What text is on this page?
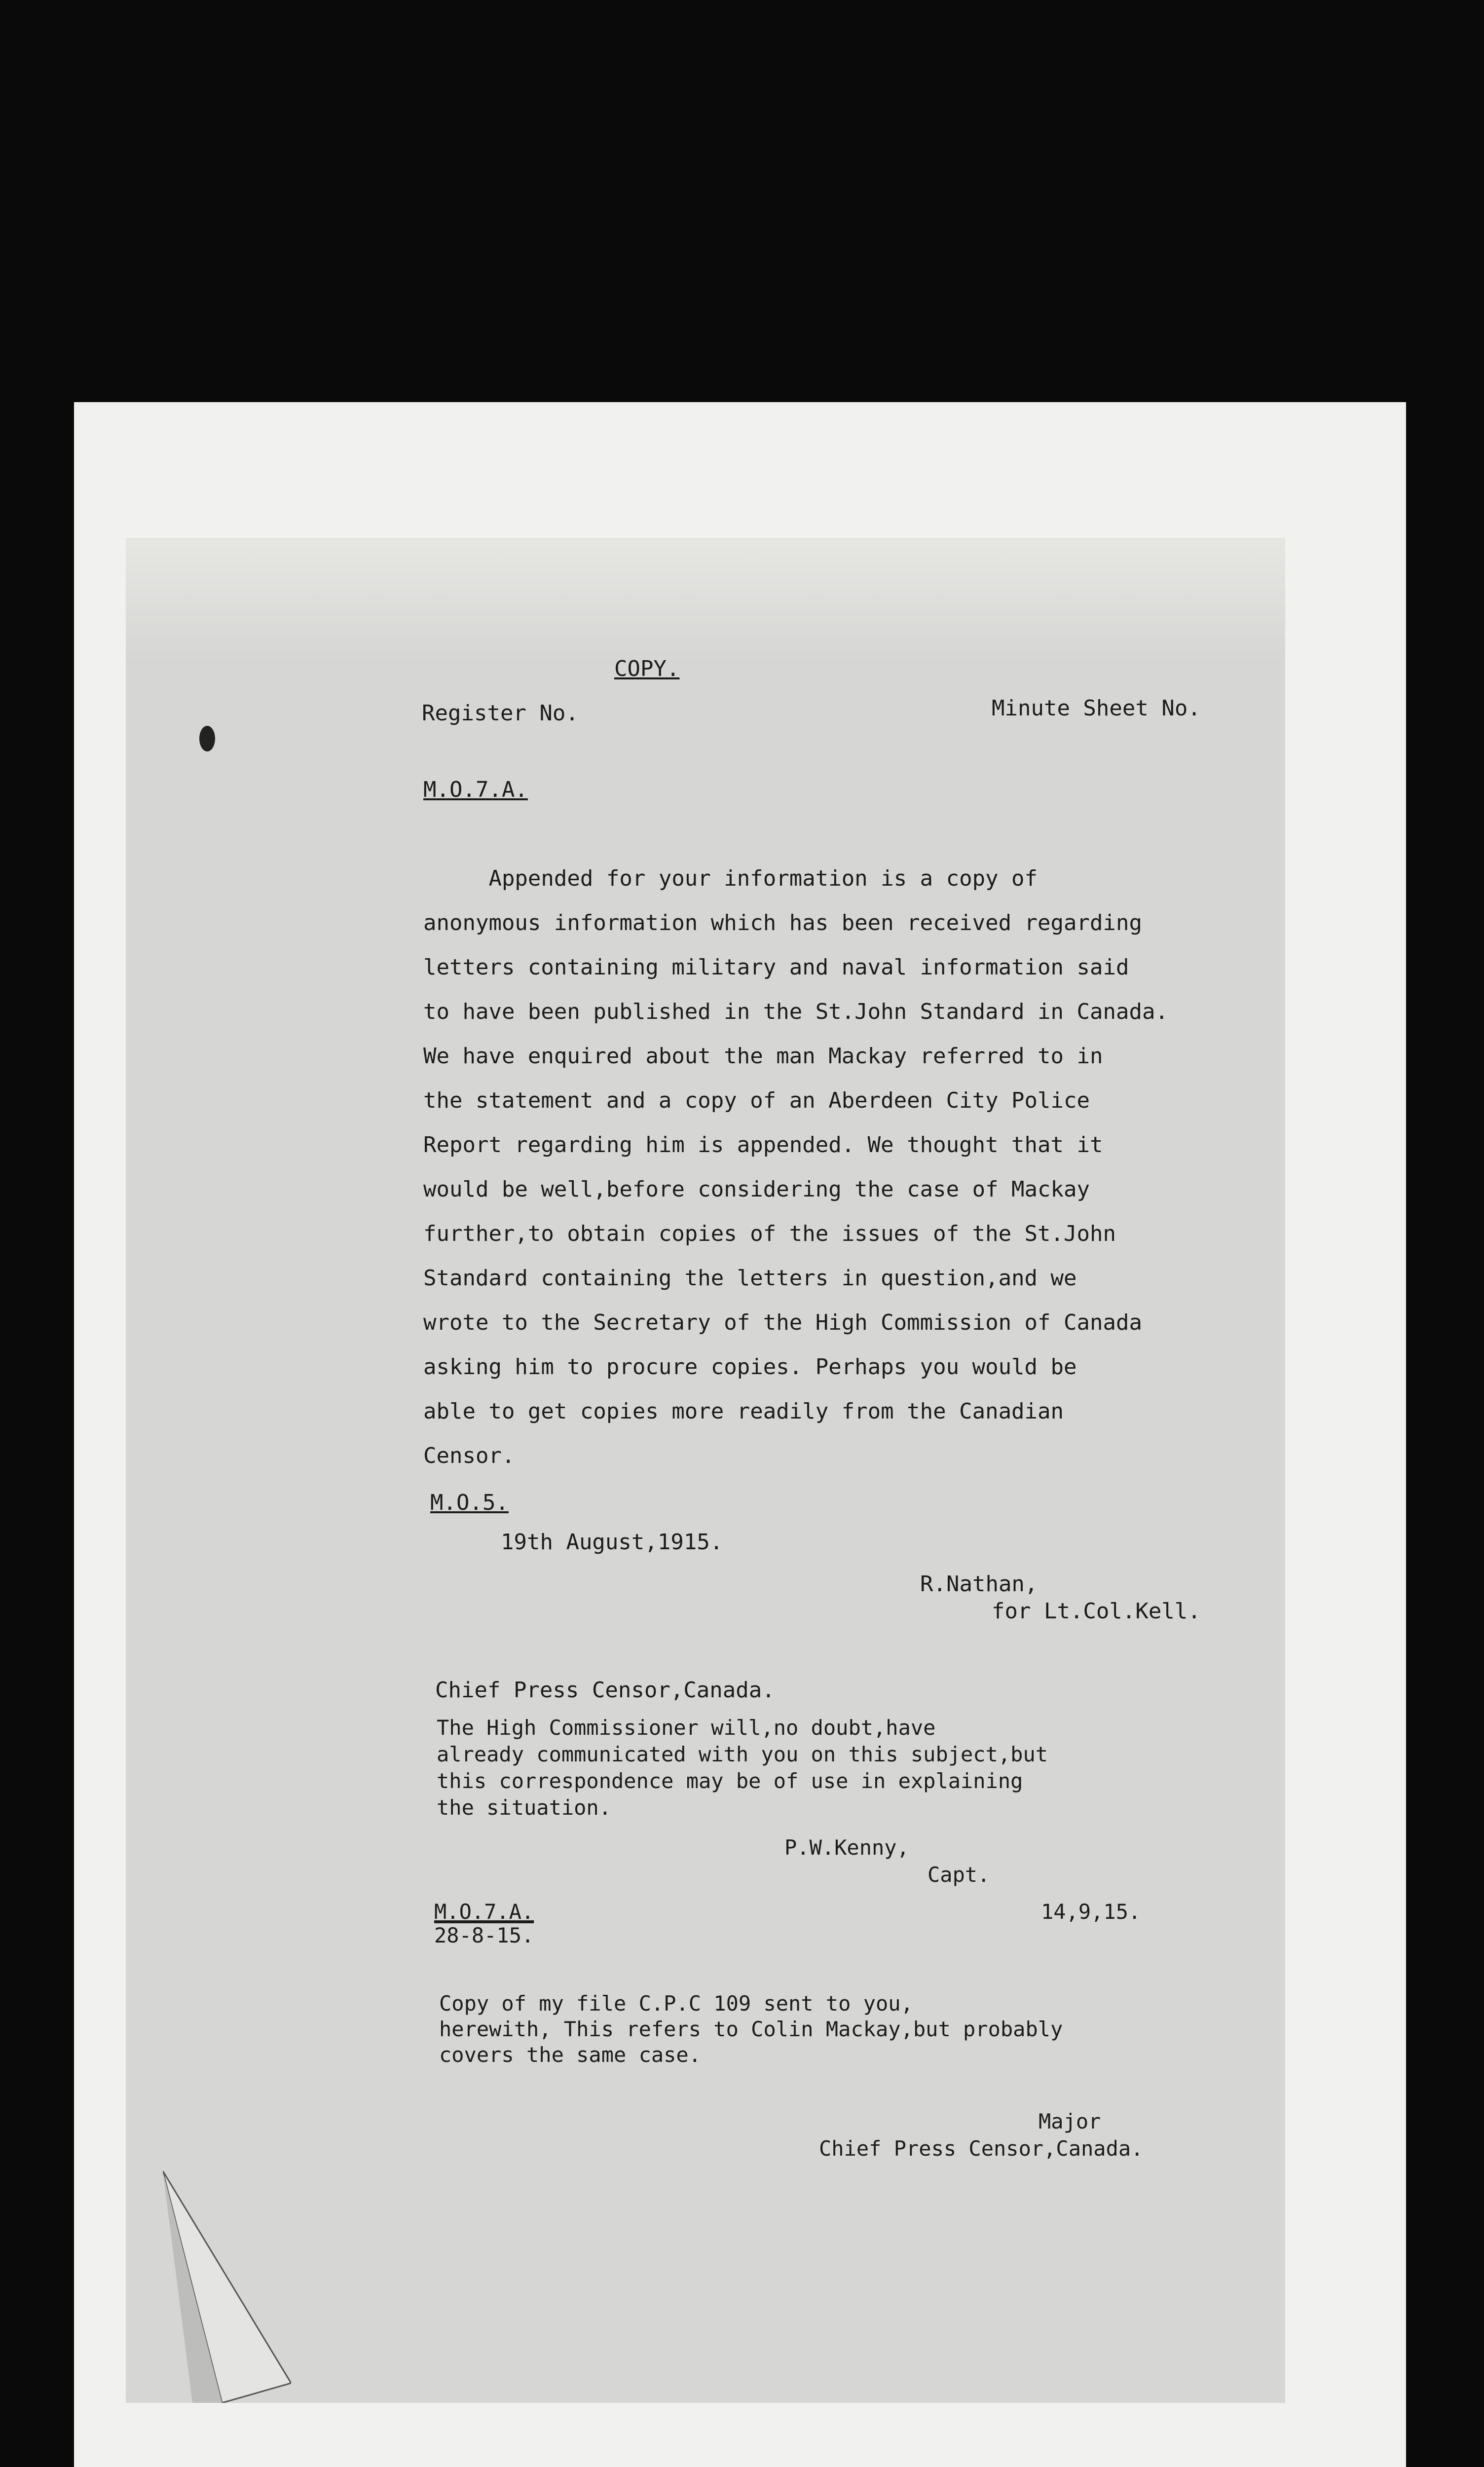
COPY.
Register No.	Minute Sheet No.
M.O.7.A.
Appended for your information is a copy of
anonymous information which has been received regarding
letters containing military and naval information said
to have been published in the St.John Standard in Canada.
We have enquired about the man Mackay referred to in
the statement and a copy of an Aberdeen City Police
Report regarding him is appended. We thought that it
would be well,before considering the case of Mackay
further,to obtain copies of the issues of the St.John
Standard containing the letters in question,and we
wrote to the Secretary of the High Commission of Canada
asking him to procure copies. Perhaps you would be
able to get copies more readily from the Canadian
Censor.
M.O.5.
19th August,1915.
R.Nathan,
for Lt.Col.Kell.
Chief Press Censor,Canada.
The High Commissioner will,no doubt,have
already communicated with you on this subject,but
this correspondence may be of use in explaining
the situation.
P.W.Kenny,
Capt.
M.O.7.A.
28-8-15.
14,9,15.
Copy of my file C.P.C 109 sent to you,
herewith, This refers to Colin Mackay,but probably
covers the same case.
Major
Chief Press Censor,Canada.
